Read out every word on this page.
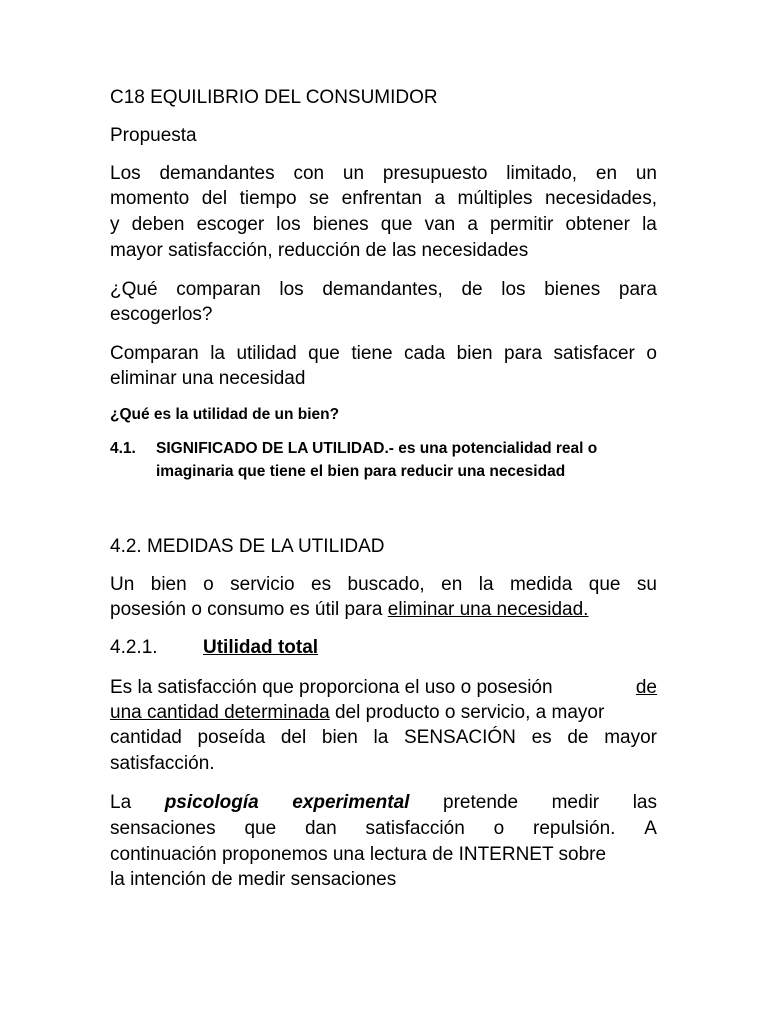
C18 EQUILIBRIO DEL CONSUMIDOR
Propuesta
Los demandantes con un presupuesto limitado, en un
momento del tiempo se enfrentan a múltiples necesidades,
y deben escoger los bienes que van a permitir obtener la
mayor satisfacción, reducción de las necesidades
¿Qué comparan los demandantes, de los bienes para
escogerlos?
Comparan la utilidad que tiene cada bien para satisfacer o
eliminar una necesidad
¿Qué es la utilidad de un bien?
4.1. SIGNIFICADO DE LA UTILIDAD.- es una potencialidad real o
imaginaria que tiene el bien para reducir una necesidad
4.2. MEDIDAS DE LA UTILIDAD
Un bien o servicio es buscado, en la medida que su
posesión o consumo es útil para eliminar una necesidad.
4.2.1. Utilidad total
Es la satisfacción que proporciona el uso o posesión	de
una cantidad determinada del producto o servicio, a mayor
cantidad poseída del bien la SENSACIÓN es de mayor
satisfacción.
La psicología experimental pretende medir las
sensaciones que dan satisfacción o repulsión. A
continuación proponemos una lectura de INTERNET sobre
la intención de medir sensaciones
